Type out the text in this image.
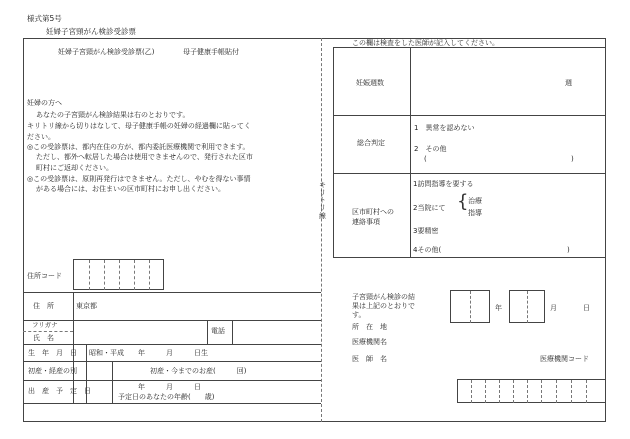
様式第5号
妊婦子宮頸がん検診受診票
妊婦子宮頸がん検診受診票(乙)	母子健康手帳貼付
妊婦の方へ
あなたの子宮頸がん検診結果は右のとおりです。
キリトリ線から切りはなして、母子健康手帳の妊婦の経過欄に貼ってく
ださい。
◎この受診票は、都内在住の方が、都内委託医療機関で利用できます。
ただし、都外へ転居した場合は使用できませんので、発行された区市
町村にご返却ください。
◎この受診票は、原則再発行はできません。ただし、やむを得ない事情
がある場合には、お住まいの区市町村にお申し出ください。
住所コード
住　所	東京都
フリガナ
氏　名
電話
生　年　月　日 昭和・平成　　年　　　月　　　日生
初産・経産の別	初産・今までのお産(　　　回)
出　産　予　定　日	年　　　月　　　日
予定日のあなたの年齢(　　歳)
キリトリ線
この欄は検査をした医師が記入してください。
妊娠週数	週
総合判定
1　異常を認めない
2　その他
(	)
区市町村への
連絡事項
1訪問指導を要する
2当院にて { 治療
指導
3要精密
4その他(	)
子宮頸がん検診の結
果は上記のとおりで
す。
年	月	日
所　在　地
医療機関名
医　師　名	医療機関コード
